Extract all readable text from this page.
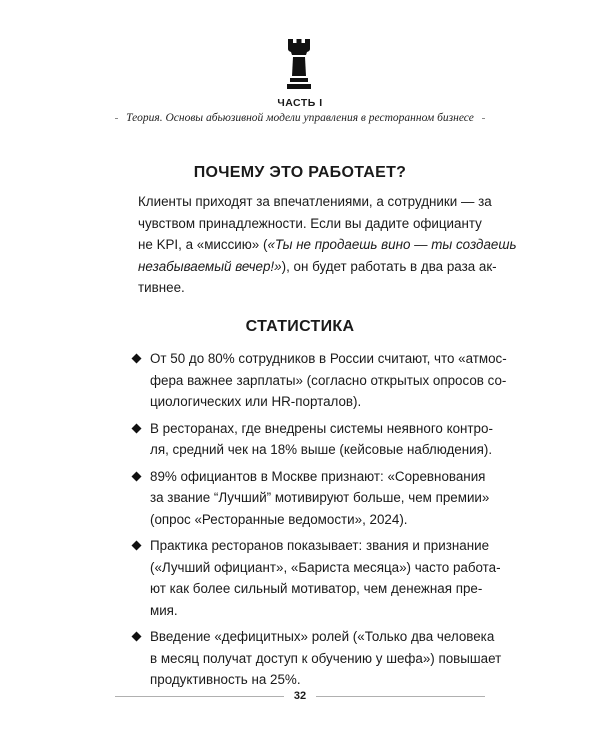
ЧАСТЬ I
Теория. Основы абьюзивной модели управления в ресторанном бизнесе
ПОЧЕМУ ЭТО РАБОТАЕТ?

Клиенты приходят за впечатлениями, а сотрудники — за
чувством принадлежности. Если вы дадите официанту
не KPI, а «миссию» («Ты не продаешь вино — ты создаешь
незабываемый вечер!»), он будет работать в два раза ак-
тивнее.

СТАТИСТИКА
От 50 до 80% сотрудников в России считают, что «атмос-
фера важнее зарплаты» (согласно открытых опросов со-
циологических или HR-порталов).
В ресторанах, где внедрены системы неявного контро-
ля, средний чек на 18% выше (кейсовые наблюдения).
89% официантов в Москве признают: «Соревнования
за звание “Лучший” мотивируют больше, чем премии»
(опрос «Ресторанные ведомости», 2024).
Практика ресторанов показывает: звания и признание
(«Лучший официант», «Бариста месяца») часто работа-
ют как более сильный мотиватор, чем денежная пре-
мия.
Введение «дефицитных» ролей («Только два человека
в месяц получат доступ к обучению у шефа») повышает
продуктивность на 25%.
32
